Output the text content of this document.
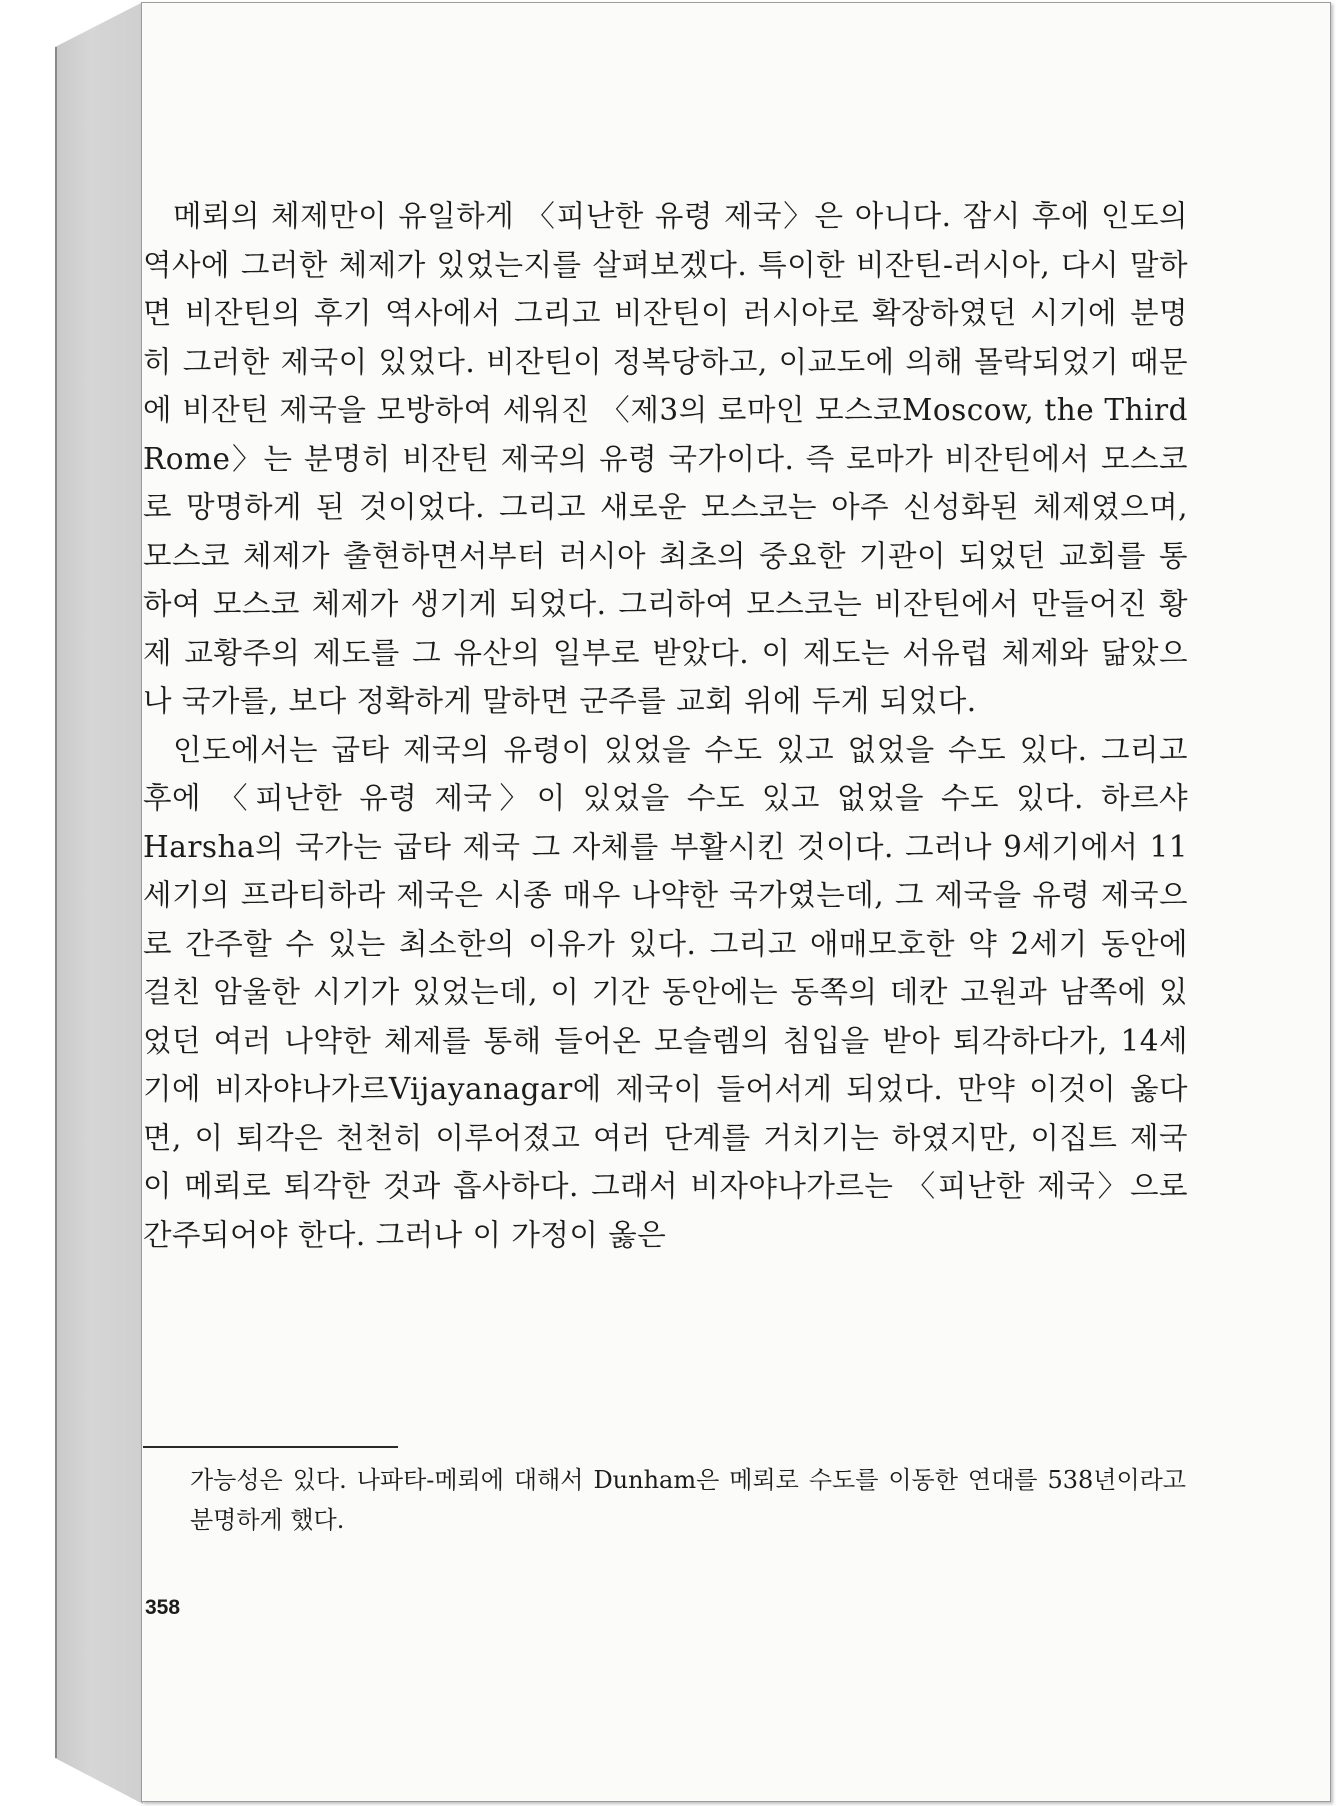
메뢰의 체제만이 유일하게 〈피난한 유령 제국〉은 아니다. 잠시 후에 인도의 역사에 그러한 체제가 있었는지를 살펴보겠다. 특이한 비잔틴-러시아, 다시 말하면 비잔틴의 후기 역사에서 그리고 비잔틴이 러시아로 확장하였던 시기에 분명히 그러한 제국이 있었다. 비잔틴이 정복당하고, 이교도에 의해 몰락되었기 때문에 비잔틴 제국을 모방하여 세워진 〈제3의 로마인 모스코Moscow, the Third Rome〉는 분명히 비잔틴 제국의 유령 국가이다. 즉 로마가 비잔틴에서 모스코로 망명하게 된 것이었다. 그리고 새로운 모스코는 아주 신성화된 체제였으며, 모스코 체제가 출현하면서부터 러시아 최초의 중요한 기관이 되었던 교회를 통하여 모스코 체제가 생기게 되었다. 그리하여 모스코는 비잔틴에서 만들어진 황제 교황주의 제도를 그 유산의 일부로 받았다. 이 제도는 서유럽 체제와 닮았으나 국가를, 보다 정확하게 말하면 군주를 교회 위에 두게 되었다.

인도에서는 굽타 제국의 유령이 있었을 수도 있고 없었을 수도 있다. 그리고 후에 〈피난한 유령 제국〉이 있었을 수도 있고 없었을 수도 있다. 하르샤Harsha의 국가는 굽타 제국 그 자체를 부활시킨 것이다. 그러나 9세기에서 11세기의 프라티하라 제국은 시종 매우 나약한 국가였는데, 그 제국을 유령 제국으로 간주할 수 있는 최소한의 이유가 있다. 그리고 애매모호한 약 2세기 동안에 걸친 암울한 시기가 있었는데, 이 기간 동안에는 동쪽의 데칸 고원과 남쪽에 있었던 여러 나약한 체제를 통해 들어온 모슬렘의 침입을 받아 퇴각하다가, 14세기에 비자야나가르Vijayanagar에 제국이 들어서게 되었다. 만약 이것이 옳다면, 이 퇴각은 천천히 이루어졌고 여러 단계를 거치기는 하였지만, 이집트 제국이 메뢰로 퇴각한 것과 흡사하다. 그래서 비자야나가르는 〈피난한 제국〉으로 간주되어야 한다. 그러나 이 가정이 옳은

가능성은 있다. 나파타-메뢰에 대해서 Dunham은 메뢰로 수도를 이동한 연대를 538년이라고 분명하게 했다.

358
